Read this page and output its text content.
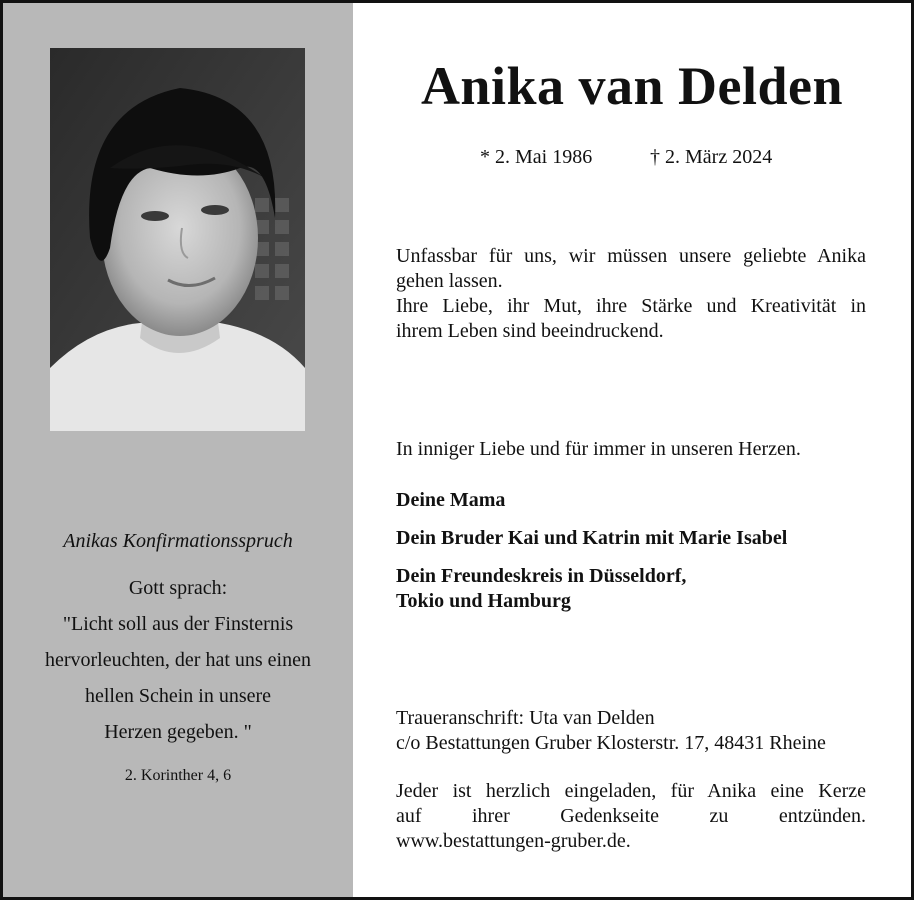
Anikas Konfirmationsspruch
Gott sprach:
"Licht soll aus der Finsternis
hervorleuchten, der hat uns einen
hellen Schein in unsere
Herzen gegeben. "
2. Korinther 4, 6
Anika van Delden
* 2. Mai 1986	† 2. März 2024
Unfassbar für uns, wir müssen unsere geliebte Anika
gehen lassen.
Ihre Liebe, ihr Mut, ihre Stärke und Kreativität in
ihrem Leben sind beeindruckend.
In inniger Liebe und für immer in unseren Herzen.
Deine Mama
Dein Bruder Kai und Katrin mit Marie Isabel
Dein Freundeskreis in Düsseldorf,
Tokio und Hamburg
Traueranschrift: Uta van Delden
c/o Bestattungen Gruber Klosterstr. 17, 48431 Rheine
Jeder ist herzlich eingeladen, für Anika eine Kerze
auf ihrer Gedenkseite zu entzünden.
www.bestattungen-gruber.de.
